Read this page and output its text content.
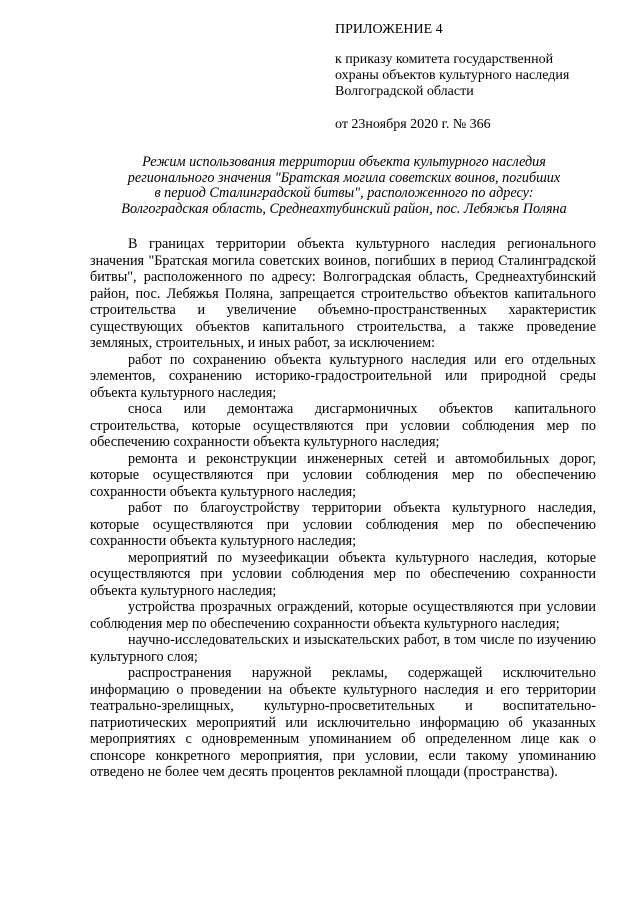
ПРИЛОЖЕНИЕ 4

к приказу комитета государственной

охраны объектов культурного наследия

Волгоградской области

от 23ноября 2020 г. № 366

Режим использования территории объекта культурного наследия

регионального значения "Братская могила советских воинов, погибших

в период Сталинградской битвы", расположенного по адресу:

Волгоградская область, Среднеахтубинский район, пос. Лебяжья Поляна

В границах территории объекта культурного наследия регионального значения "Братская могила советских воинов, погибших в период Сталинградской битвы", расположенного по адресу: Волгоградская область, Среднеахтубинский район, пос. Лебяжья Поляна, запрещается строительство объектов капитального строительства и увеличение объемно-пространственных характеристик существующих объектов капитального строительства, а также проведение земляных, строительных, и иных работ, за исключением:

работ по сохранению объекта культурного наследия или его отдельных элементов, сохранению историко-градостроительной или природной среды объекта культурного наследия;

сноса или демонтажа дисгармоничных объектов капитального строительства, которые осуществляются при условии соблюдения мер по обеспечению сохранности объекта культурного наследия;

ремонта и реконструкции инженерных сетей и автомобильных дорог, которые осуществляются при условии соблюдения мер по обеспечению сохранности объекта культурного наследия;

работ по благоустройству территории объекта культурного наследия, которые осуществляются при условии соблюдения мер по обеспечению сохранности объекта культурного наследия;

мероприятий по музеефикации объекта культурного наследия, которые осуществляются при условии соблюдения мер по обеспечению сохранности объекта культурного наследия;

устройства прозрачных ограждений, которые осуществляются при условии соблюдения мер по обеспечению сохранности объекта культурного наследия;

научно-исследовательских и изыскательских работ, в том числе по изучению культурного слоя;

распространения наружной рекламы, содержащей исключительно информацию о проведении на объекте культурного наследия и его территории театрально-зрелищных, культурно-просветительных и воспитательно-патриотических мероприятий или исключительно информацию об указанных мероприятиях с одновременным упоминанием об определенном лице как о спонсоре конкретного мероприятия, при условии, если такому упоминанию отведено не более чем десять процентов рекламной площади (пространства).
